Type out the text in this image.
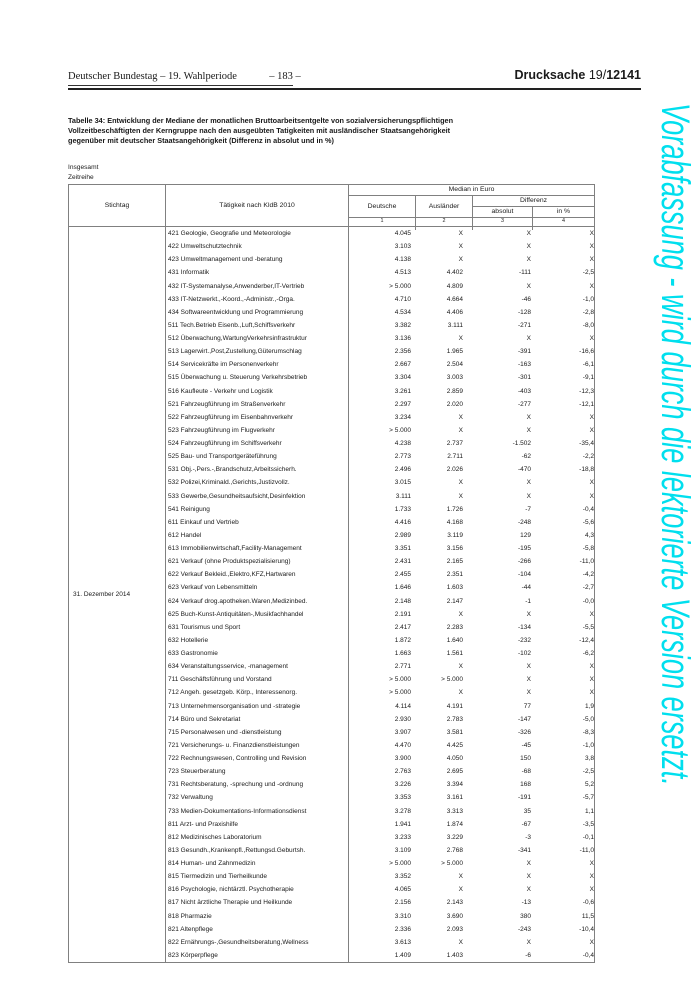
Deutscher Bundestag – 19. Wahlperiode	– 183 –	Drucksache 19/12141
Tabelle 34: Entwicklung der Mediane der monatlichen Bruttoarbeitsentgelte von sozialversicherungspflichtigen
Vollzeitbeschäftigten der Kerngruppe nach den ausgeübten Tatigkeiten mit ausländischer Staatsangehörigkeit
gegenüber mit deutscher Staatsangehörigkeit (Differenz in absolut und in %)
Insgesamt
Zeitreihe
Stichtag	Tätigkeit nach KldB 2010
Median in Euro
Deutsche	Ausländer
Differenz
absolut	in %
1	2	3	4
31. Dezember 2014
421 Geologie, Geografie und Meteorologie	4.045	X	X	X
422 Umweltschutztechnik	3.103	X	X	X
423 Umweltmanagement und -beratung	4.138	X	X	X
431 Informatik	4.513	4.402	-111	-2,5
432 IT-Systemanalyse,Anwenderber,IT-Vertrieb	> 5.000	4.809	X	X
433 IT-Netzwerkt.,-Koord.,-Administr.,-Orga.	4.710	4.664	-46	-1,0
434 Softwareentwicklung und Programmierung	4.534	4.406	-128	-2,8
511 Tech.Betrieb Eisenb.,Luft,Schiffsverkehr	3.382	3.111	-271	-8,0
512 Überwachung,WartungVerkehrsinfrastruktur	3.136	X	X	X
513 Lagerwirt.,Post,Zustellung,Güterumschlag	2.356	1.965	-391	-16,6
514 Servicekräfte im Personenverkehr	2.667	2.504	-163	-6,1
515 Überwachung u. Steuerung Verkehrsbetrieb	3.304	3.003	-301	-9,1
516 Kaufleute - Verkehr und Logistik	3.261	2.859	-403	-12,3
521 Fahrzeugführung im Straßenverkehr	2.297	2.020	-277	-12,1
522 Fahrzeugführung im Eisenbahnverkehr	3.234	X	X	X
523 Fahrzeugführung im Flugverkehr	> 5.000	X	X	X
524 Fahrzeugführung im Schiffsverkehr	4.238	2.737	-1.502	-35,4
525 Bau- und Transportgeräteführung	2.773	2.711	-62	-2,2
531 Obj.-,Pers.-,Brandschutz,Arbeitssicherh.	2.496	2.026	-470	-18,8
532 Polizei,Kriminald.,Gerichts,Justizvollz.	3.015	X	X	X
533 Gewerbe,Gesundheitsaufsicht,Desinfektion	3.111	X	X	X
541 Reinigung	1.733	1.726	-7	-0,4
611 Einkauf und Vertrieb	4.416	4.168	-248	-5,6
612 Handel	2.989	3.119	129	4,3
613 Immobilienwirtschaft,Facility-Management	3.351	3.156	-195	-5,8
621 Verkauf (ohne Produktspezialisierung)	2.431	2.165	-266	-11,0
622 Verkauf Bekleid.,Elektro,KFZ,Hartwaren	2.455	2.351	-104	-4,2
623 Verkauf von Lebensmitteln	1.646	1.603	-44	-2,7
624 Verkauf drog.apotheken.Waren,Medizinbed.	2.148	2.147	-1	-0,0
625 Buch-Kunst-Antiquitäten-,Musikfachhandel	2.191	X	X	X
631 Tourismus und Sport	2.417	2.283	-134	-5,5
632 Hotellerie	1.872	1.640	-232	-12,4
633 Gastronomie	1.663	1.561	-102	-6,2
634 Veranstaltungsservice, -management	2.771	X	X	X
711 Geschäftsführung und Vorstand	> 5.000	> 5.000	X	X
712 Angeh. gesetzgeb. Körp., Interessenorg.	> 5.000	X	X	X
713 Unternehmensorganisation und -strategie	4.114	4.191	77	1,9
714 Büro und Sekretariat	2.930	2.783	-147	-5,0
715 Personalwesen und -dienstleistung	3.907	3.581	-326	-8,3
721 Versicherungs- u. Finanzdienstleistungen	4.470	4.425	-45	-1,0
722 Rechnungswesen, Controlling und Revision	3.900	4.050	150	3,8
723 Steuerberatung	2.763	2.695	-68	-2,5
731 Rechtsberatung, -sprechung und -ordnung	3.226	3.394	168	5,2
732 Verwaltung	3.353	3.161	-191	-5,7
733 Medien-Dokumentations-Informationsdienst	3.278	3.313	35	1,1
811 Arzt- und Praxishilfe	1.941	1.874	-67	-3,5
812 Medizinisches Laboratorium	3.233	3.229	-3	-0,1
813 Gesundh.,Krankenpfl.,Rettungsd.Geburtsh.	3.109	2.768	-341	-11,0
814 Human- und Zahnmedizin	> 5.000	> 5.000	X	X
815 Tiermedizin und Tierheilkunde	3.352	X	X	X
816 Psychologie, nichtärztl. Psychotherapie	4.065	X	X	X
817 Nicht ärztliche Therapie und Heilkunde	2.156	2.143	-13	-0,6
818 Pharmazie	3.310	3.690	380	11,5
821 Altenpflege	2.336	2.093	-243	-10,4
822 Ernährungs-,Gesundheitsberatung,Wellness	3.613	X	X	X
823 Körperpflege	1.409	1.403	-6	-0,4
Vorabfassung - wird durch die lektorierte Version ersetzt.
